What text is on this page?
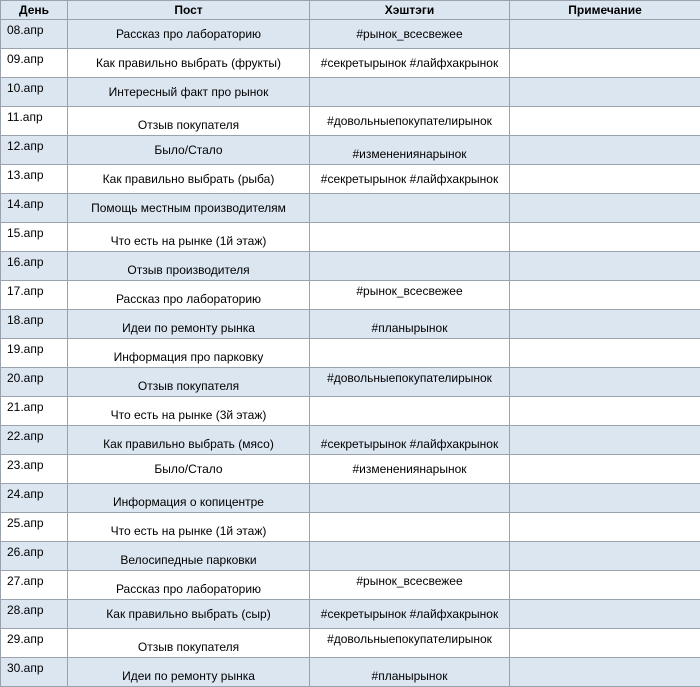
День	Пост	Хэштэги	Примечание

08.апр	Рассказ про лабораторию	#рынок_всесвежее	

09.апр	Как правильно выбрать (фрукты)	#секретырынок #лайфхакрынок	

10.апр	Интересный факт про рынок		

11.апр	Отзыв покупателя	#довольныепокупателирынок	

12.апр	Было/Стало	#изменениянарынок	

13.апр	Как правильно выбрать (рыба)	#секретырынок #лайфхакрынок	

14.апр	Помощь местным производителям		

15.апр	Что есть на рынке (1й этаж)		

16.апр	Отзыв производителя		

17.апр	Рассказ про лабораторию	#рынок_всесвежее	

18.апр	Идеи по ремонту рынка	#планырынок	

19.апр	Информация про парковку		

20.апр	Отзыв покупателя	#довольныепокупателирынок	

21.апр	Что есть на рынке (3й этаж)		

22.апр	Как правильно выбрать (мясо)	#секретырынок #лайфхакрынок	

23.апр	Было/Стало	#изменениянарынок	

24.апр	Информация о копицентре		

25.апр	Что есть на рынке (1й этаж)		

26.апр	Велосипедные парковки		

27.апр	Рассказ про лабораторию	#рынок_всесвежее	

28.апр	Как правильно выбрать (сыр)	#секретырынок #лайфхакрынок	

29.апр	Отзыв покупателя	#довольныепокупателирынок	

30.апр	Идеи по ремонту рынка	#планырынок	
